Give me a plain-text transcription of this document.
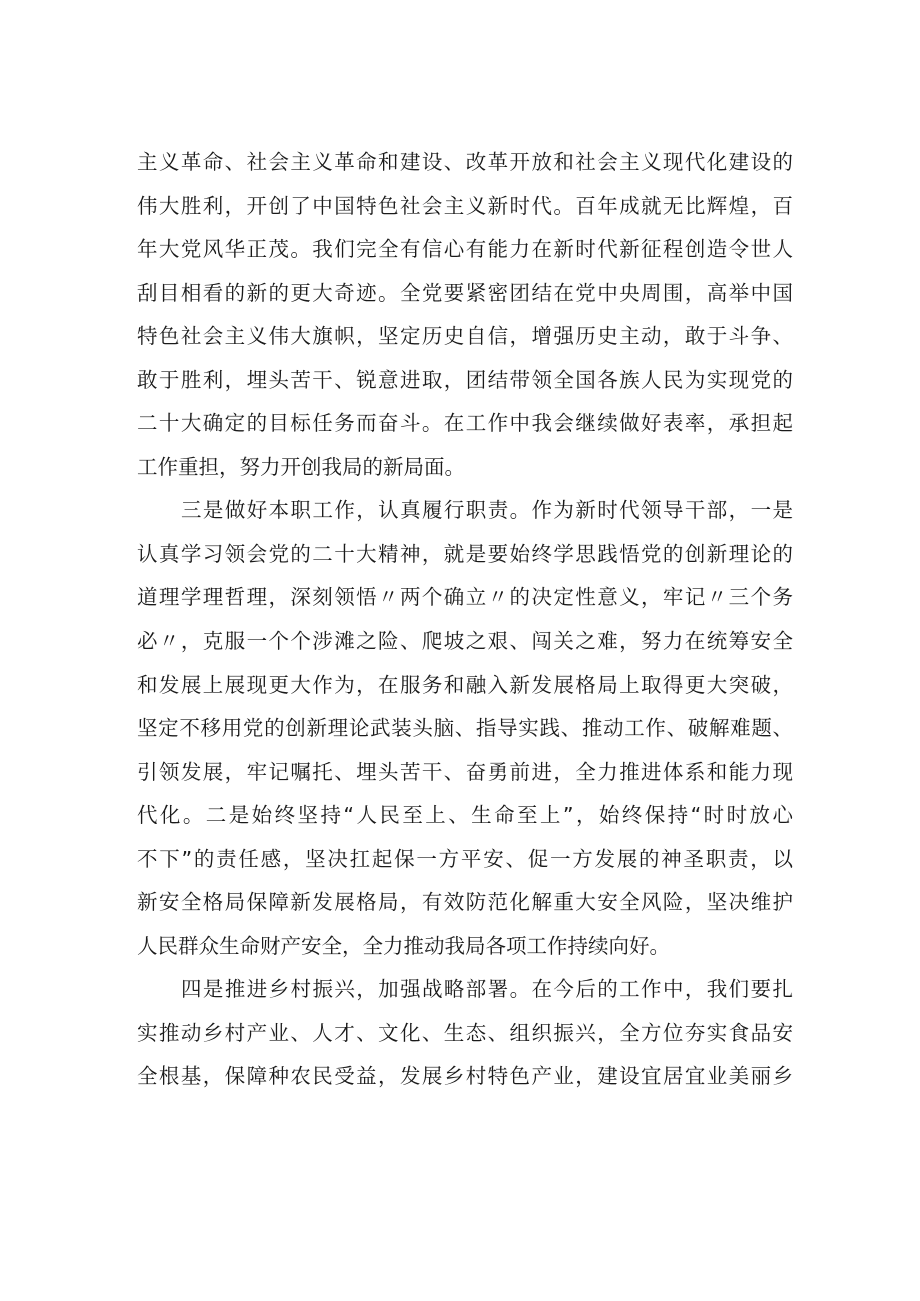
主义革命、社会主义革命和建设、改革开放和社会主义现代化建设的
伟大胜利，开创了中国特色社会主义新时代。百年成就无比辉煌，百
年大党风华正茂。我们完全有信心有能力在新时代新征程创造令世人
刮目相看的新的更大奇迹。全党要紧密团结在党中央周围，高举中国
特色社会主义伟大旗帜，坚定历史自信，增强历史主动，敢于斗争、
敢于胜利，埋头苦干、锐意进取，团结带领全国各族人民为实现党的
二十大确定的目标任务而奋斗。在工作中我会继续做好表率，承担起
工作重担，努力开创我局的新局面。
三是做好本职工作，认真履行职责。作为新时代领导干部，一是
认真学习领会党的二十大精神，就是要始终学思践悟党的创新理论的
道理学理哲理，深刻领悟〃两个确立〃的决定性意义，牢记〃三个务
必〃，克服一个个涉滩之险、爬坡之艰、闯关之难，努力在统筹安全
和发展上展现更大作为，在服务和融入新发展格局上取得更大突破，
坚定不移用党的创新理论武装头脑、指导实践、推动工作、破解难题、
引领发展，牢记嘱托、埋头苦干、奋勇前进，全力推进体系和能力现
代化。二是始终坚持“人民至上、生命至上”，始终保持“时时放心
不下”的责任感，坚决扛起保一方平安、促一方发展的神圣职责，以
新安全格局保障新发展格局，有效防范化解重大安全风险，坚决维护
人民群众生命财产安全，全力推动我局各项工作持续向好。
四是推进乡村振兴，加强战略部署。在今后的工作中，我们要扎
实推动乡村产业、人才、文化、生态、组织振兴，全方位夯实食品安
全根基，保障种农民受益，发展乡村特色产业，建设宜居宜业美丽乡
